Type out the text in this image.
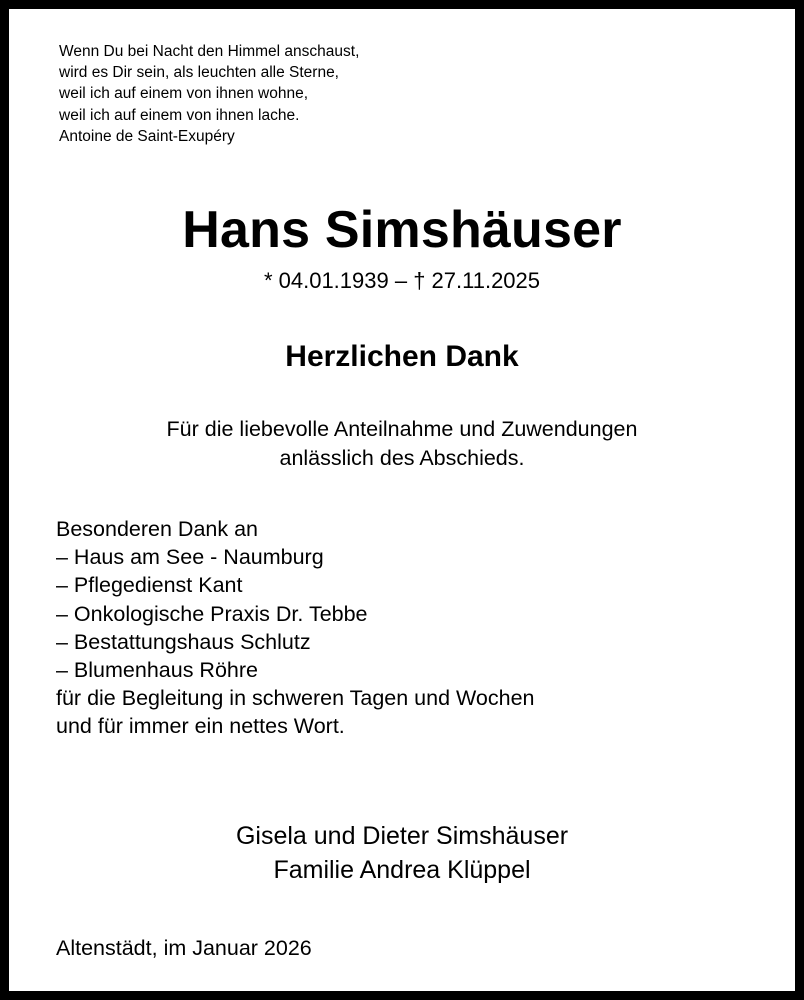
Wenn Du bei Nacht den Himmel anschaust,
wird es Dir sein, als leuchten alle Sterne,
weil ich auf einem von ihnen wohne,
weil ich auf einem von ihnen lache.
Antoine de Saint-Exupéry
Hans Simshäuser
* 04.01.1939 – † 27.11.2025
Herzlichen Dank
Für die liebevolle Anteilnahme und Zuwendungen
anlässlich des Abschieds.
Besonderen Dank an
– Haus am See - Naumburg
– Pflegedienst Kant
– Onkologische Praxis Dr. Tebbe
– Bestattungshaus Schlutz
– Blumenhaus Röhre
für die Begleitung in schweren Tagen und Wochen
und für immer ein nettes Wort.
Gisela und Dieter Simshäuser
Familie Andrea Klüppel
Altenstädt, im Januar 2026
